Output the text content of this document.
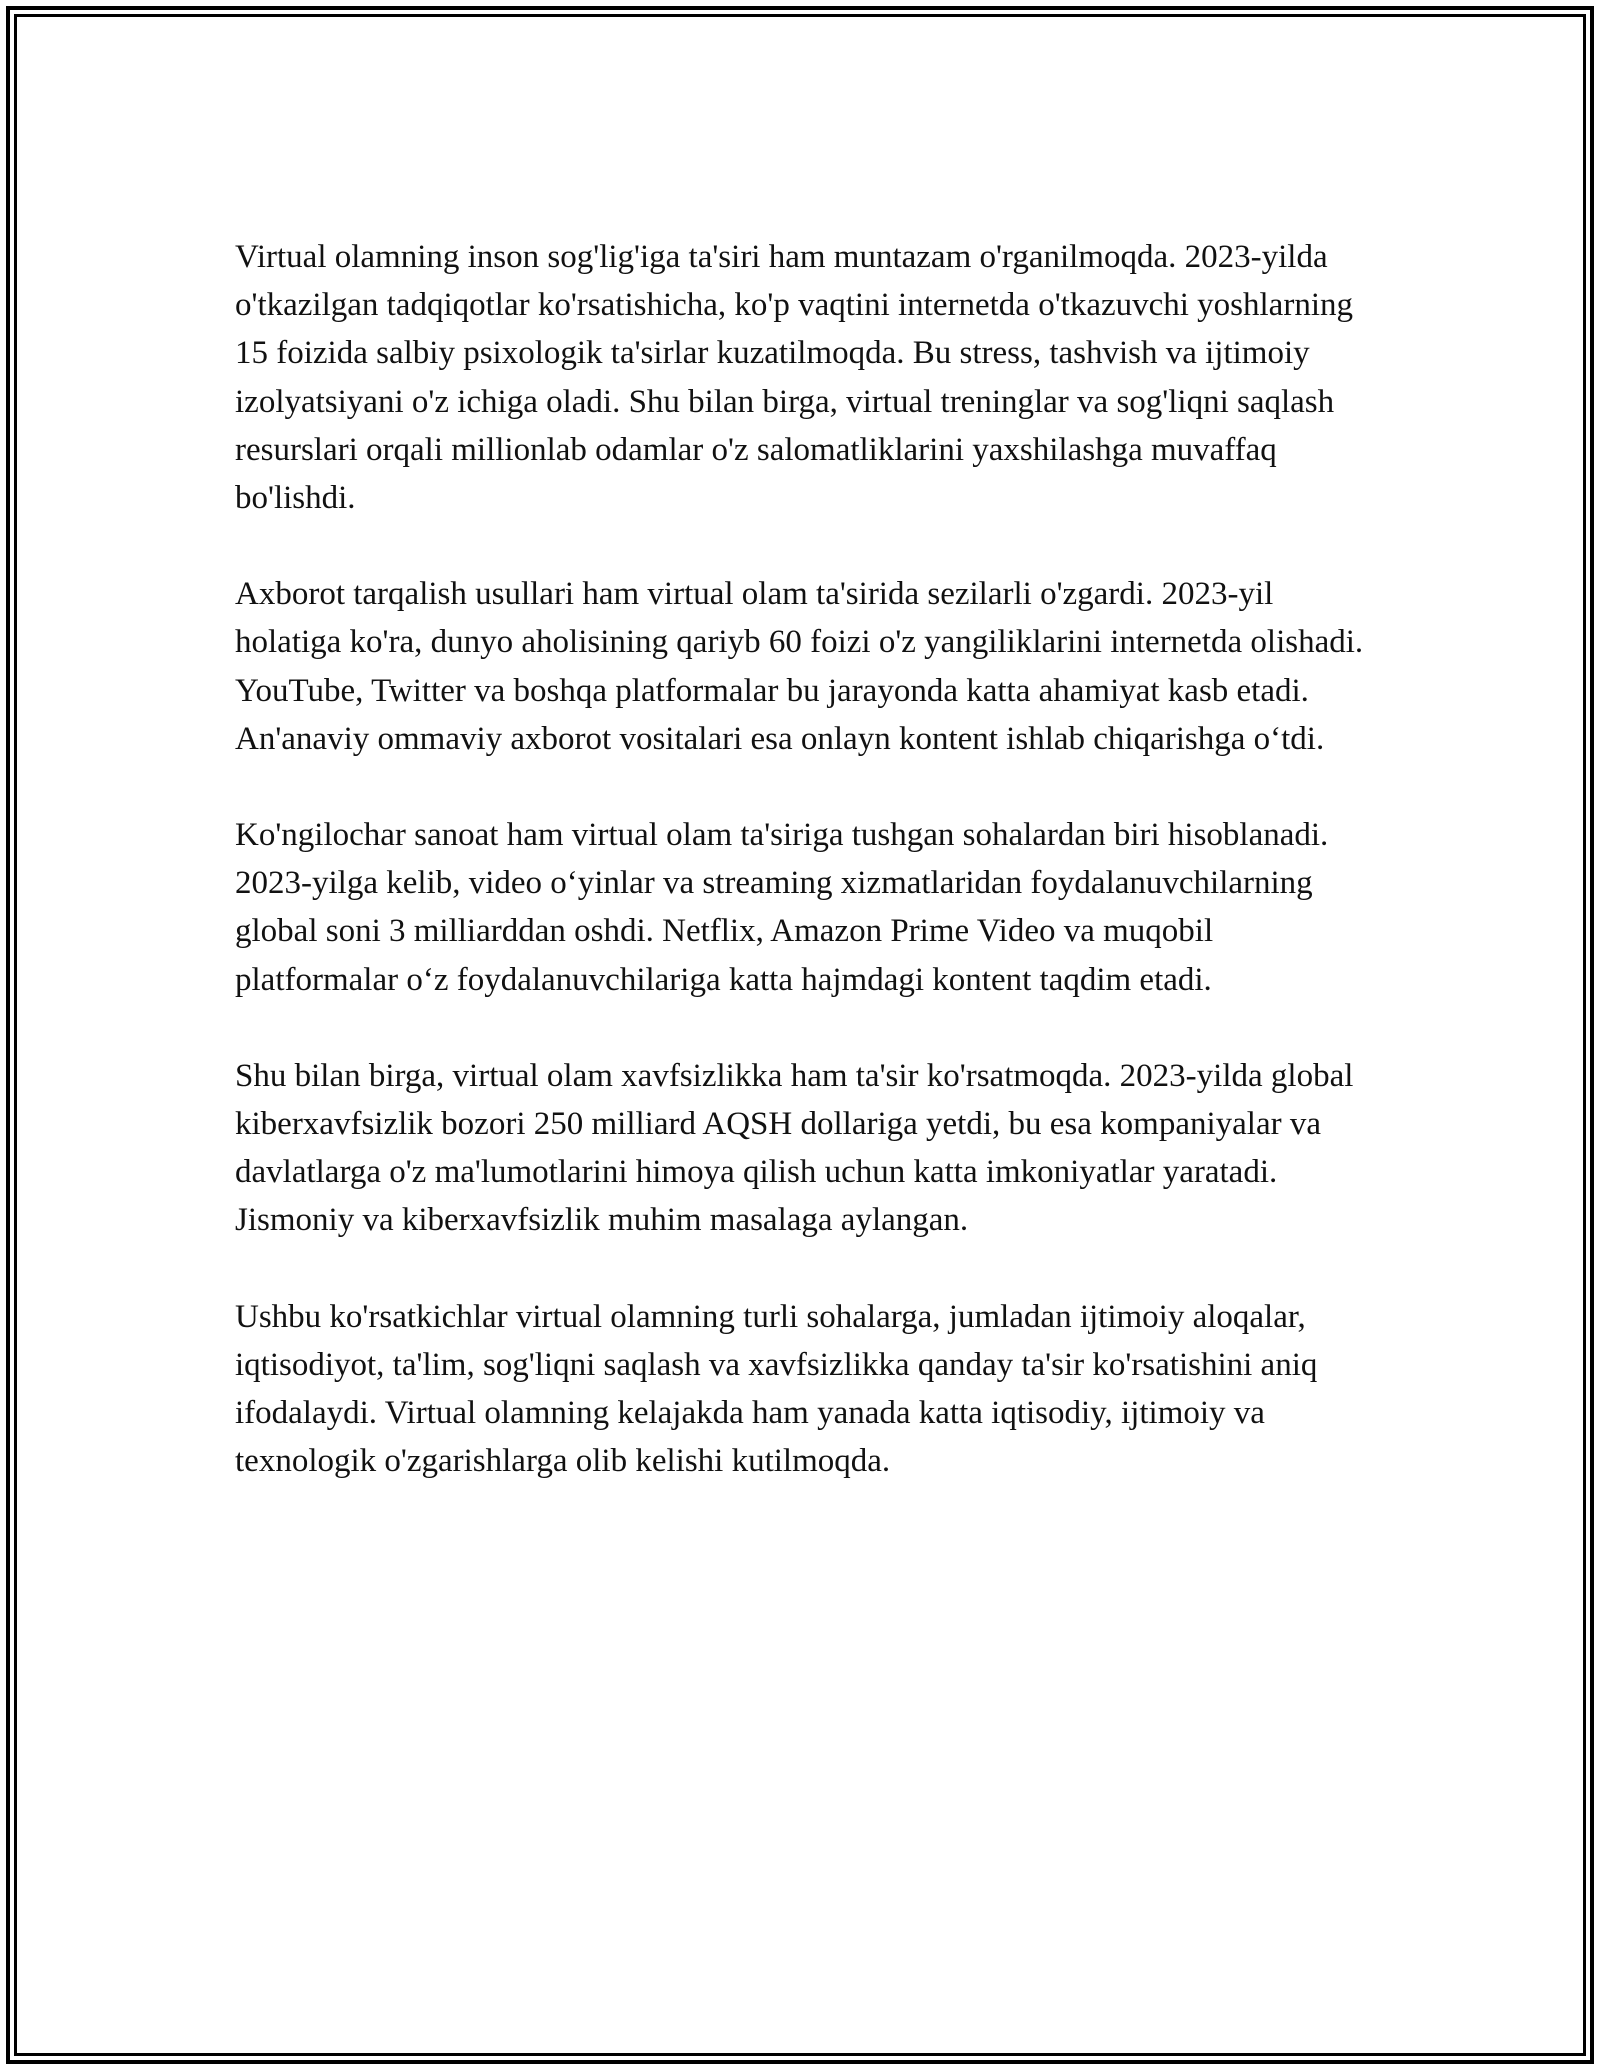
Virtual olamning inson sog'lig'iga ta'siri ham muntazam o'rganilmoqda. 2023-yilda o'tkazilgan tadqiqotlar ko'rsatishicha, ko'p vaqtini internetda o'tkazuvchi yoshlarning 15 foizida salbiy psixologik ta'sirlar kuzatilmoqda. Bu stress, tashvish va ijtimoiy izolyatsiyani o'z ichiga oladi. Shu bilan birga, virtual treninglar va sog'liqni saqlash resurslari orqali millionlab odamlar o'z salomatliklarini yaxshilashga muvaffaq bo'lishdi.

Axborot tarqalish usullari ham virtual olam ta'sirida sezilarli o'zgardi. 2023-yil holatiga ko'ra, dunyo aholisining qariyb 60 foizi o'z yangiliklarini internetda olishadi. YouTube, Twitter va boshqa platformalar bu jarayonda katta ahamiyat kasb etadi. An'anaviy ommaviy axborot vositalari esa onlayn kontent ishlab chiqarishga o‘tdi.

Ko'ngilochar sanoat ham virtual olam ta'siriga tushgan sohalardan biri hisoblanadi. 2023-yilga kelib, video o‘yinlar va streaming xizmatlaridan foydalanuvchilarning global soni 3 milliarddan oshdi. Netflix, Amazon Prime Video va muqobil platformalar o‘z foydalanuvchilariga katta hajmdagi kontent taqdim etadi.

Shu bilan birga, virtual olam xavfsizlikka ham ta'sir ko'rsatmoqda. 2023-yilda global kiberxavfsizlik bozori 250 milliard AQSH dollariga yetdi, bu esa kompaniyalar va davlatlarga o'z ma'lumotlarini himoya qilish uchun katta imkoniyatlar yaratadi. Jismoniy va kiberxavfsizlik muhim masalaga aylangan.

Ushbu ko'rsatkichlar virtual olamning turli sohalarga, jumladan ijtimoiy aloqalar, iqtisodiyot, ta'lim, sog'liqni saqlash va xavfsizlikka qanday ta'sir ko'rsatishini aniq ifodalaydi. Virtual olamning kelajakda ham yanada katta iqtisodiy, ijtimoiy va texnologik o'zgarishlarga olib kelishi kutilmoqda.
